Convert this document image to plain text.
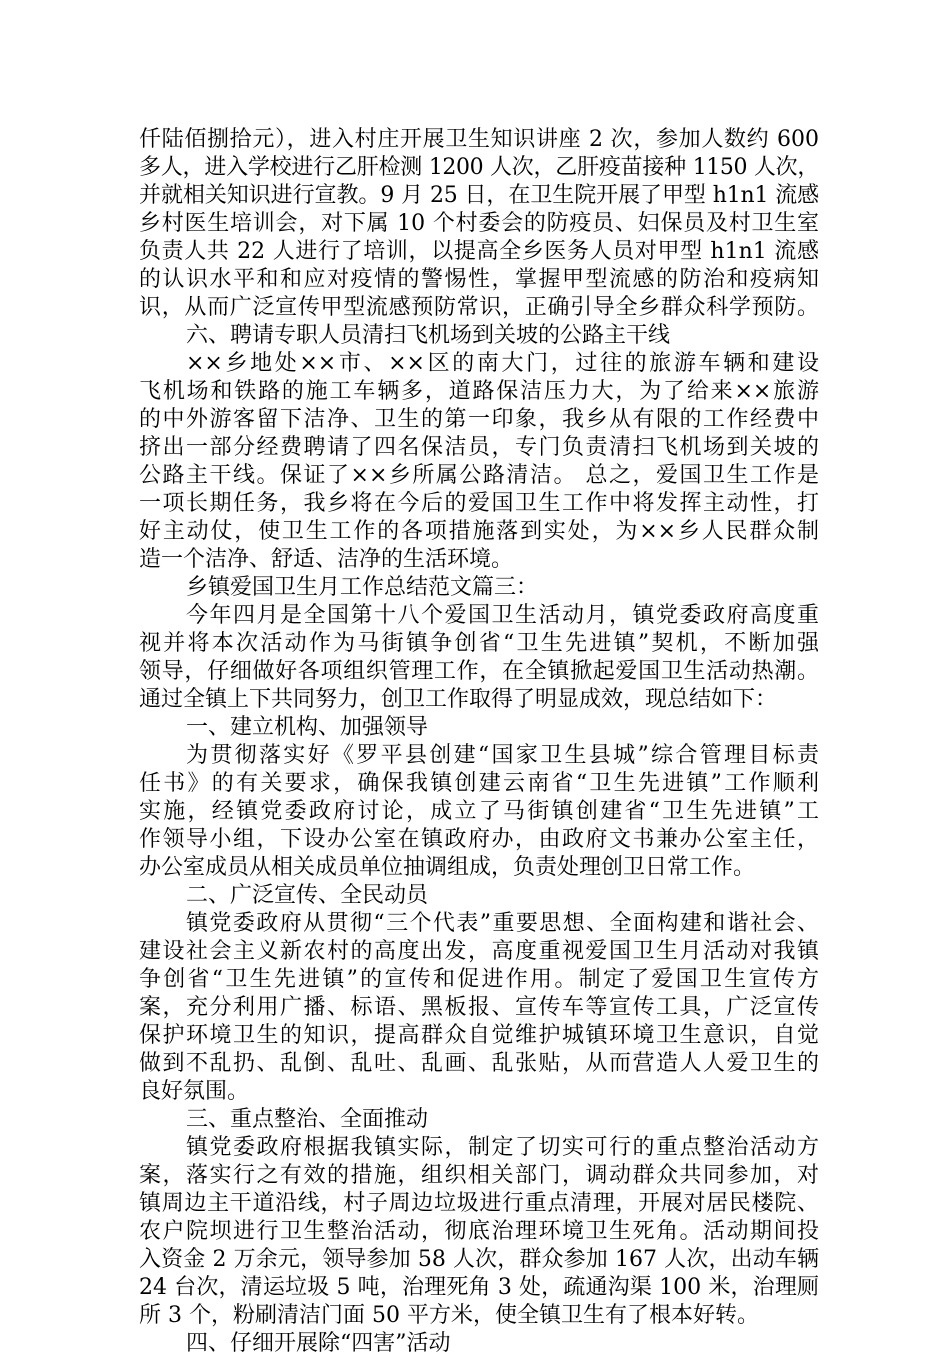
仟陆佰捌拾元），进入村庄开展卫生知识讲座 2 次，参加人数约 600
多人，进入学校进行乙肝检测 1200 人次，乙肝疫苗接种 1150 人次，
并就相关知识进行宣教。9 月 25 日，在卫生院开展了甲型 h1n1 流感
乡村医生培训会，对下属 10 个村委会的防疫员、妇保员及村卫生室
负责人共 22 人进行了培训，以提高全乡医务人员对甲型 h1n1 流感
的认识水平和和应对疫情的警惕性，掌握甲型流感的防治和疫病知
识，从而广泛宣传甲型流感预防常识，正确引导全乡群众科学预防。
六、聘请专职人员清扫飞机场到关坡的公路主干线
××乡地处××市、××区的南大门，过往的旅游车辆和建设
飞机场和铁路的施工车辆多，道路保洁压力大，为了给来××旅游
的中外游客留下洁净、卫生的第一印象，我乡从有限的工作经费中
挤出一部分经费聘请了四名保洁员，专门负责清扫飞机场到关坡的
公路主干线。保证了××乡所属公路清洁。 总之，爱国卫生工作是
一项长期任务，我乡将在今后的爱国卫生工作中将发挥主动性，打
好主动仗，使卫生工作的各项措施落到实处，为××乡人民群众制
造一个洁净、舒适、洁净的生活环境。
乡镇爱国卫生月工作总结范文篇三：
今年四月是全国第十八个爱国卫生活动月，镇党委政府高度重
视并将本次活动作为马街镇争创省“卫生先进镇”契机，不断加强
领导，仔细做好各项组织管理工作，在全镇掀起爱国卫生活动热潮。
通过全镇上下共同努力，创卫工作取得了明显成效，现总结如下：
一、建立机构、加强领导
为贯彻落实好《罗平县创建“国家卫生县城”综合管理目标责
任书》的有关要求，确保我镇创建云南省“卫生先进镇”工作顺利
实施，经镇党委政府讨论，成立了马街镇创建省“卫生先进镇”工
作领导小组，下设办公室在镇政府办，由政府文书兼办公室主任，
办公室成员从相关成员单位抽调组成，负责处理创卫日常工作。
二、广泛宣传、全民动员
镇党委政府从贯彻“三个代表”重要思想、全面构建和谐社会、
建设社会主义新农村的高度出发，高度重视爱国卫生月活动对我镇
争创省“卫生先进镇”的宣传和促进作用。制定了爱国卫生宣传方
案，充分利用广播、标语、黑板报、宣传车等宣传工具，广泛宣传
保护环境卫生的知识，提高群众自觉维护城镇环境卫生意识，自觉
做到不乱扔、乱倒、乱吐、乱画、乱张贴，从而营造人人爱卫生的
良好氛围。
三、重点整治、全面推动
镇党委政府根据我镇实际，制定了切实可行的重点整治活动方
案，落实行之有效的措施，组织相关部门，调动群众共同参加，对
镇周边主干道沿线，村子周边垃圾进行重点清理，开展对居民楼院、
农户院坝进行卫生整治活动，彻底治理环境卫生死角。活动期间投
入资金 2 万余元，领导参加 58 人次，群众参加 167 人次，出动车辆
24 台次，清运垃圾 5 吨，治理死角 3 处，疏通沟渠 100 米，治理厕
所 3 个，粉刷清洁门面 50 平方米，使全镇卫生有了根本好转。
四、仔细开展除“四害”活动
